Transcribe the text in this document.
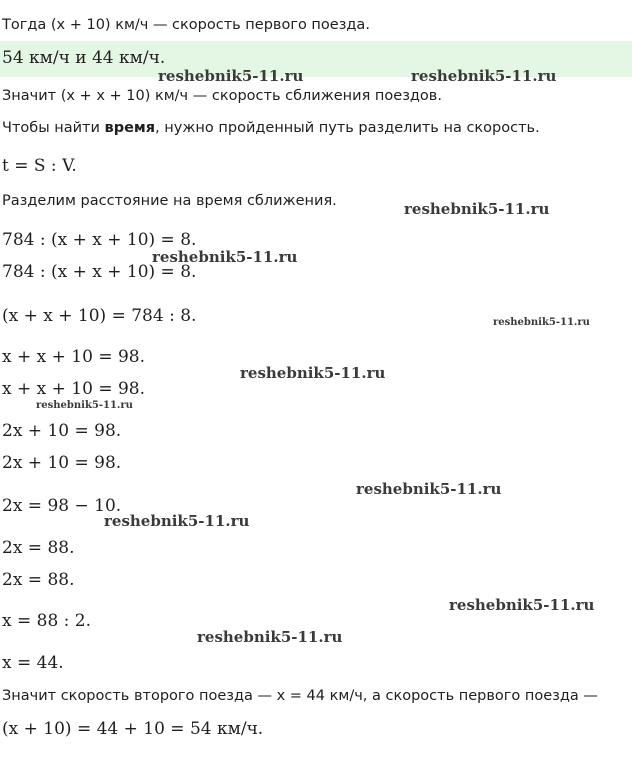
Тогда (x + 10) км/ч — скорость первого поезда.
54 км/ч и 44 км/ч.
Значит (x + x + 10) км/ч — скорость сближения поездов.
Чтобы найти время, нужно пройденный путь разделить на скорость.
t = S : V.
Разделим расстояние на время сближения.
784 : (x + x + 10) = 8.
784 : (x + x + 10) = 8.
(x + x + 10) = 784 : 8.
x + x + 10 = 98.
x + x + 10 = 98.
2x + 10 = 98.
2x + 10 = 98.
2x = 98 − 10.
2x = 88.
2x = 88.
x = 88 : 2.
x = 44.
Значит скорость второго поезда — x = 44 км/ч, а скорость первого поезда —
(x + 10) = 44 + 10 = 54 км/ч.
reshebnik5-11.ru	reshebnik5-11.ru
reshebnik5-11.ru
reshebnik5-11.ru
reshebnik5-11.ru
reshebnik5-11.ru
reshebnik5-11.ru
reshebnik5-11.ru
reshebnik5-11.ru
reshebnik5-11.ru
reshebnik5-11.ru
